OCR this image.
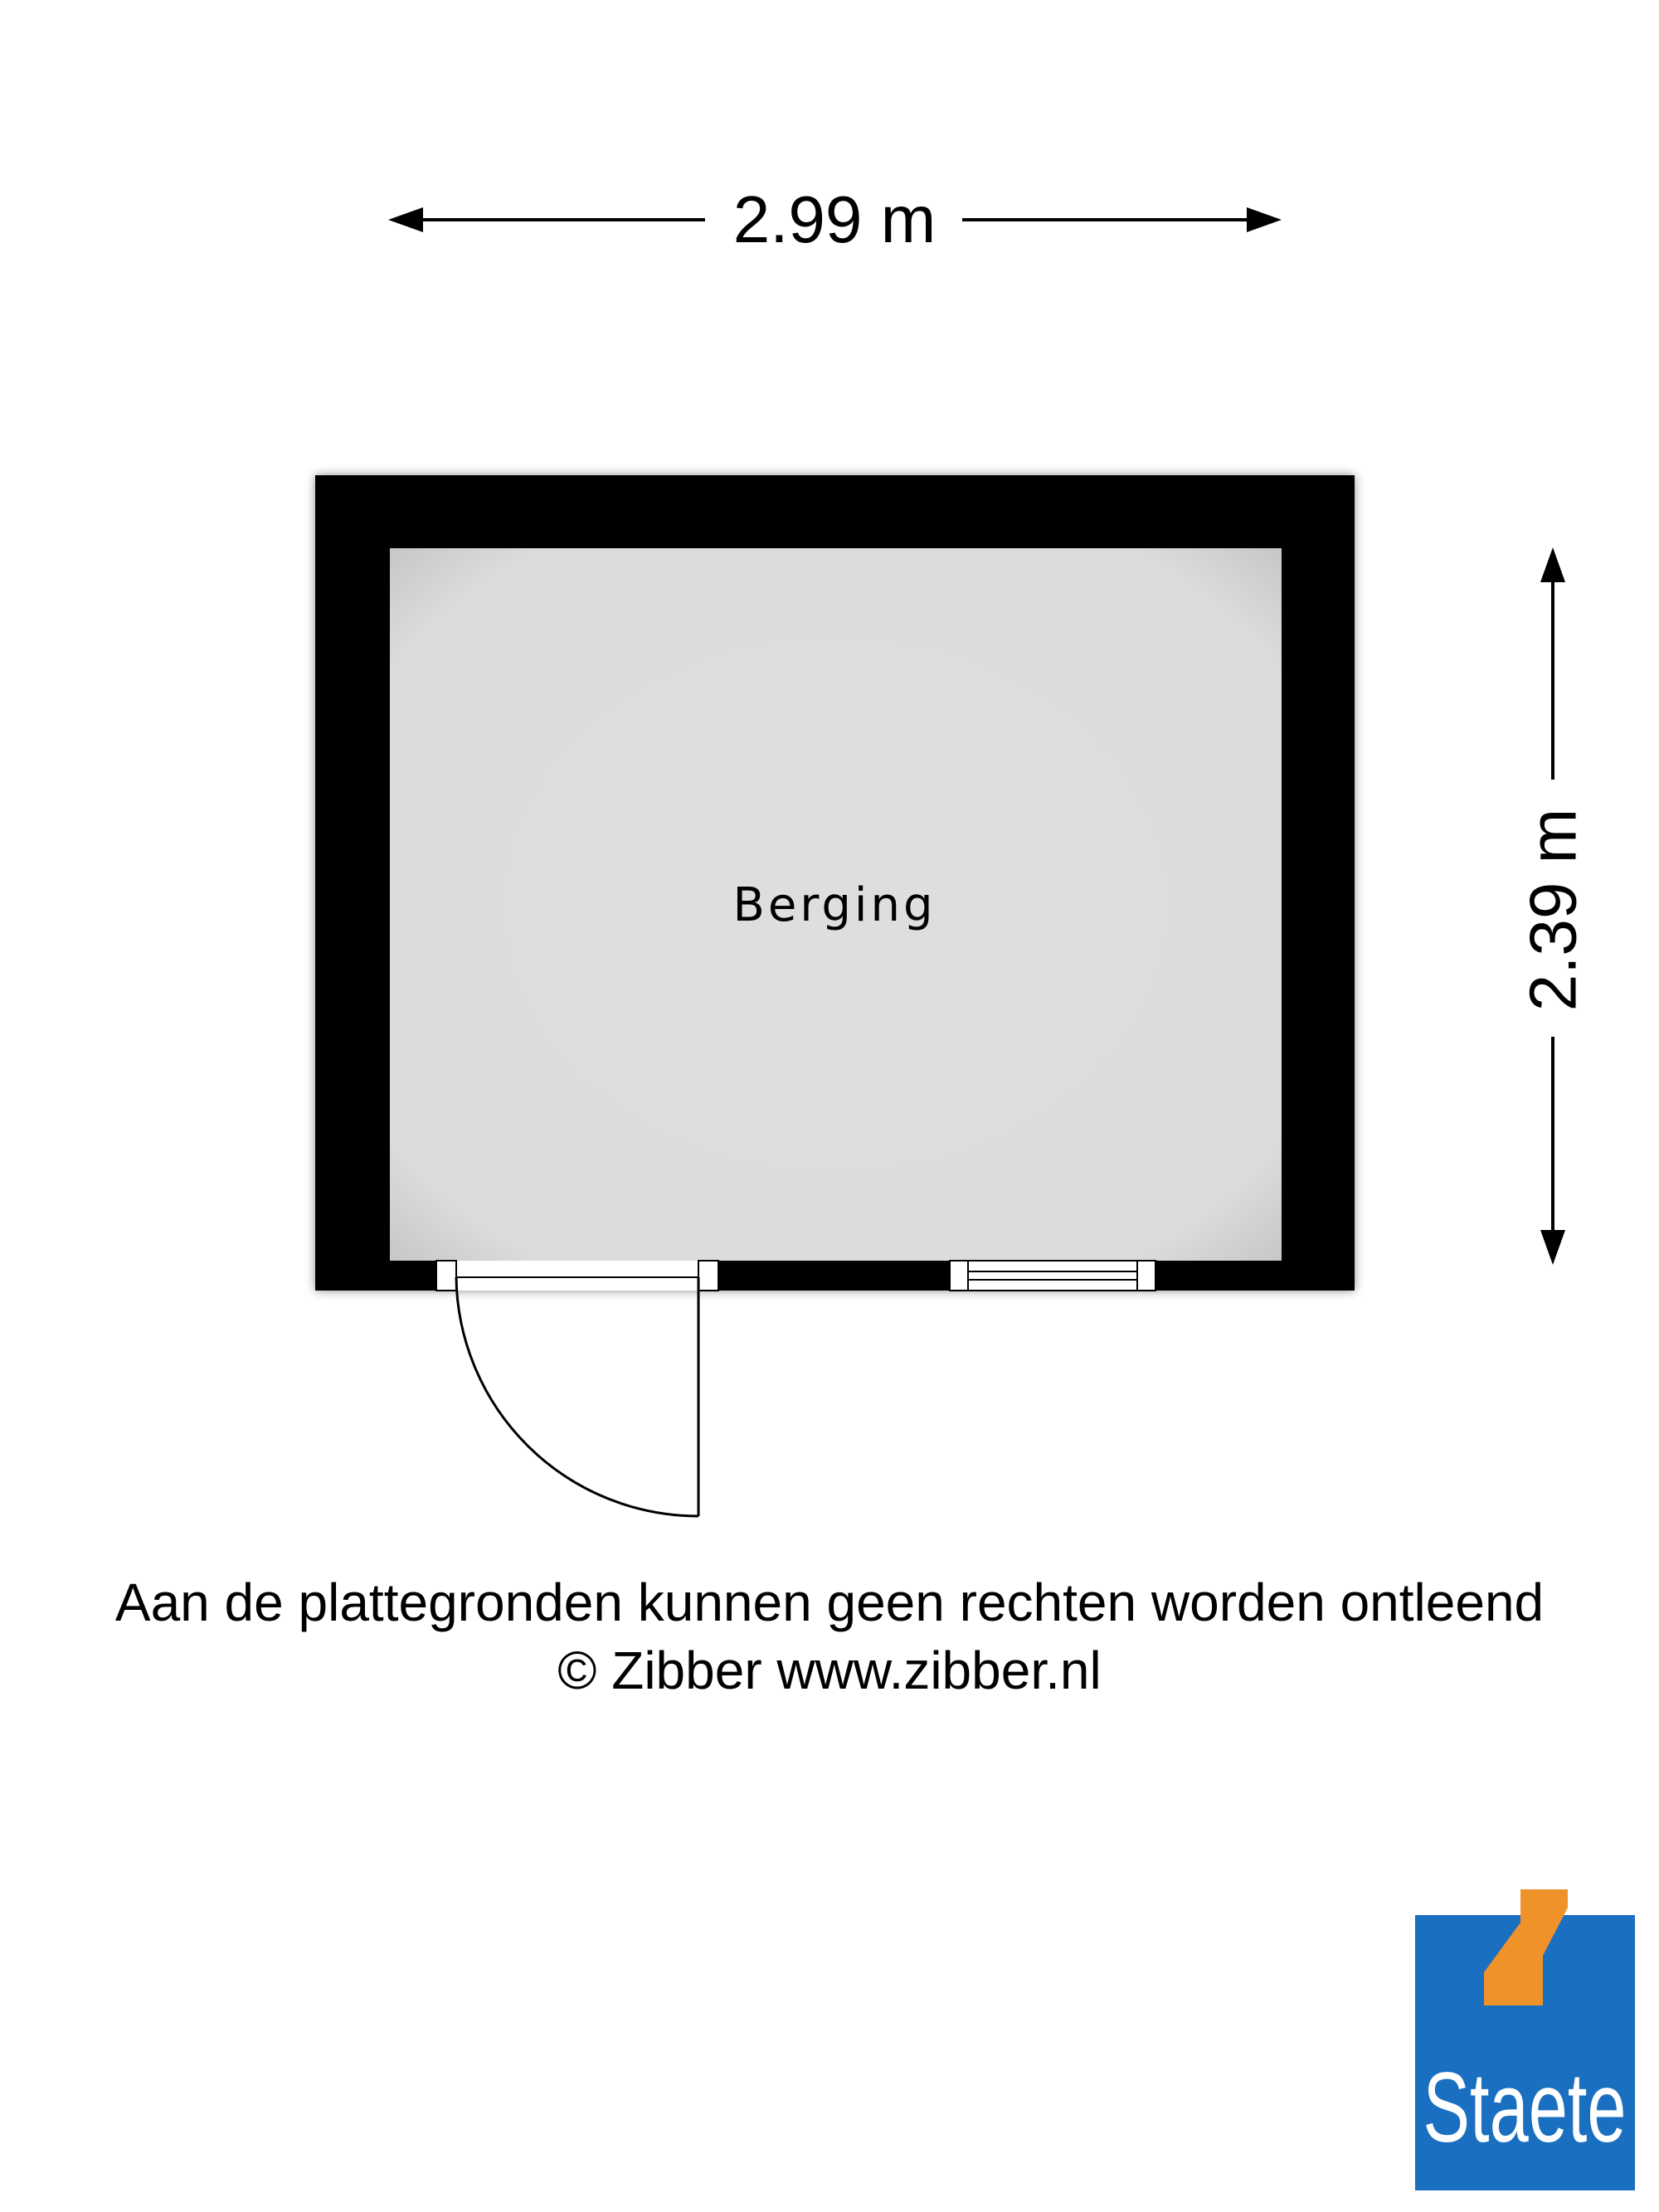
2.99 m
2.39 m
Berging
Staete
Aan de plattegronden kunnen geen rechten worden ontleend
© Zibber www.zibber.nl
